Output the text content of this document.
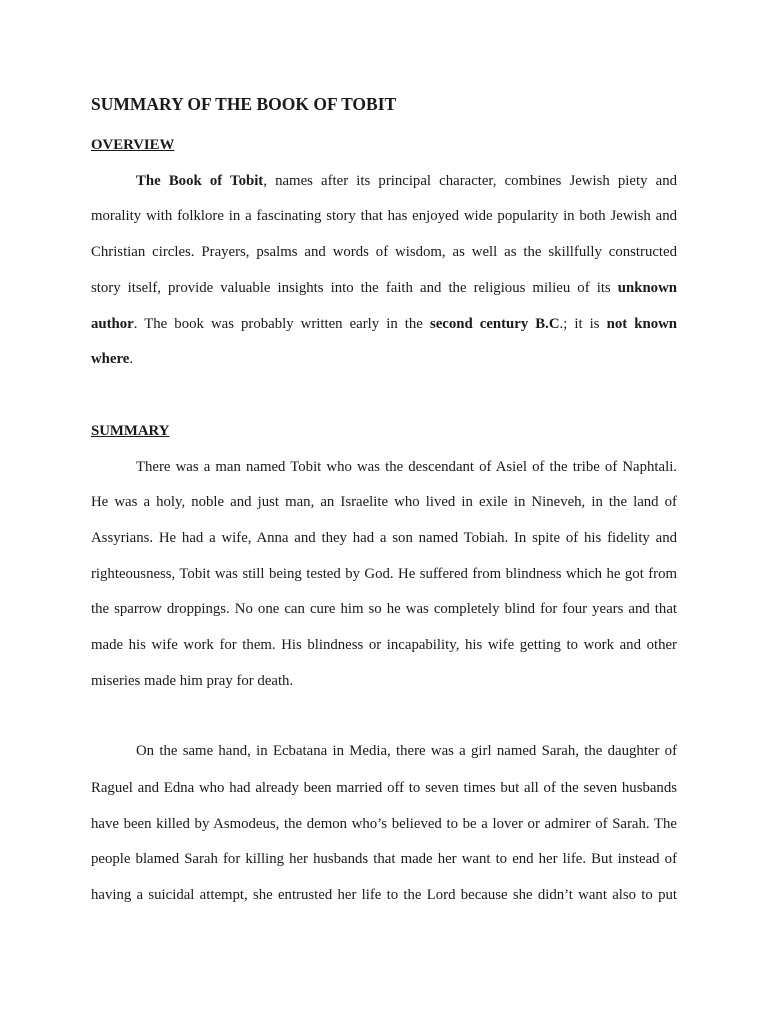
SUMMARY OF THE BOOK OF TOBIT
OVERVIEW
The Book of Tobit, names after its principal character, combines Jewish piety and
morality with folklore in a fascinating story that has enjoyed wide popularity in both Jewish and
Christian circles. Prayers, psalms and words of wisdom, as well as the skillfully constructed
story itself, provide valuable insights into the faith and the religious milieu of its unknown
author. The book was probably written early in the second century B.C.; it is not known
where.
SUMMARY
There was a man named Tobit who was the descendant of Asiel of the tribe of Naphtali.
He was a holy, noble and just man, an Israelite who lived in exile in Nineveh, in the land of
Assyrians. He had a wife, Anna and they had a son named Tobiah. In spite of his fidelity and
righteousness, Tobit was still being tested by God. He suffered from blindness which he got from
the sparrow droppings. No one can cure him so he was completely blind for four years and that
made his wife work for them. His blindness or incapability, his wife getting to work and other
miseries made him pray for death.
On the same hand, in Ecbatana in Media, there was a girl named Sarah, the daughter of
Raguel and Edna who had already been married off to seven times but all of the seven husbands
have been killed by Asmodeus, the demon who’s believed to be a lover or admirer of Sarah. The
people blamed Sarah for killing her husbands that made her want to end her life. But instead of
having a suicidal attempt, she entrusted her life to the Lord because she didn’t want also to put
